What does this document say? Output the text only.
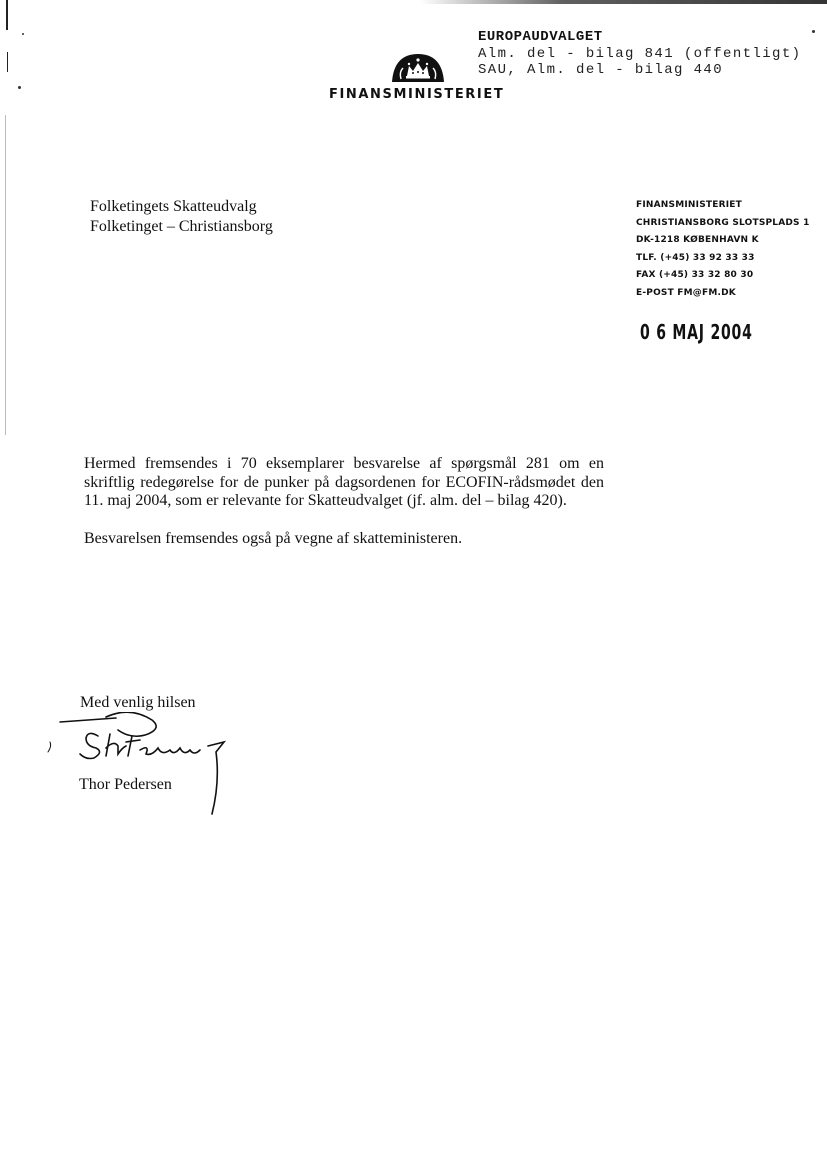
EUROPAUDVALGET
Alm. del - bilag 841 (offentligt)
SAU, Alm. del - bilag 440
FINANSMINISTERIET
Folketingets Skatteudvalg
Folketinget – Christiansborg
FINANSMINISTERIET
CHRISTIANSBORG SLOTSPLADS 1
DK-1218 KØBENHAVN K
TLF. (+45) 33 92 33 33
FAX (+45) 33 32 80 30
E-POST FM@FM.DK
0 6 MAJ 2004

Hermed fremsendes i 70 eksemplarer besvarelse af spørgsmål 281 om en skriftlig redegørelse for de punker på dagsordenen for ECOFIN-rådsmødet den 11. maj 2004, som er relevante for Skatteudvalget (jf. alm. del – bilag 420).

Besvarelsen fremsendes også på vegne af skatteministeren.

Med venlig hilsen
Thor Pedersen
